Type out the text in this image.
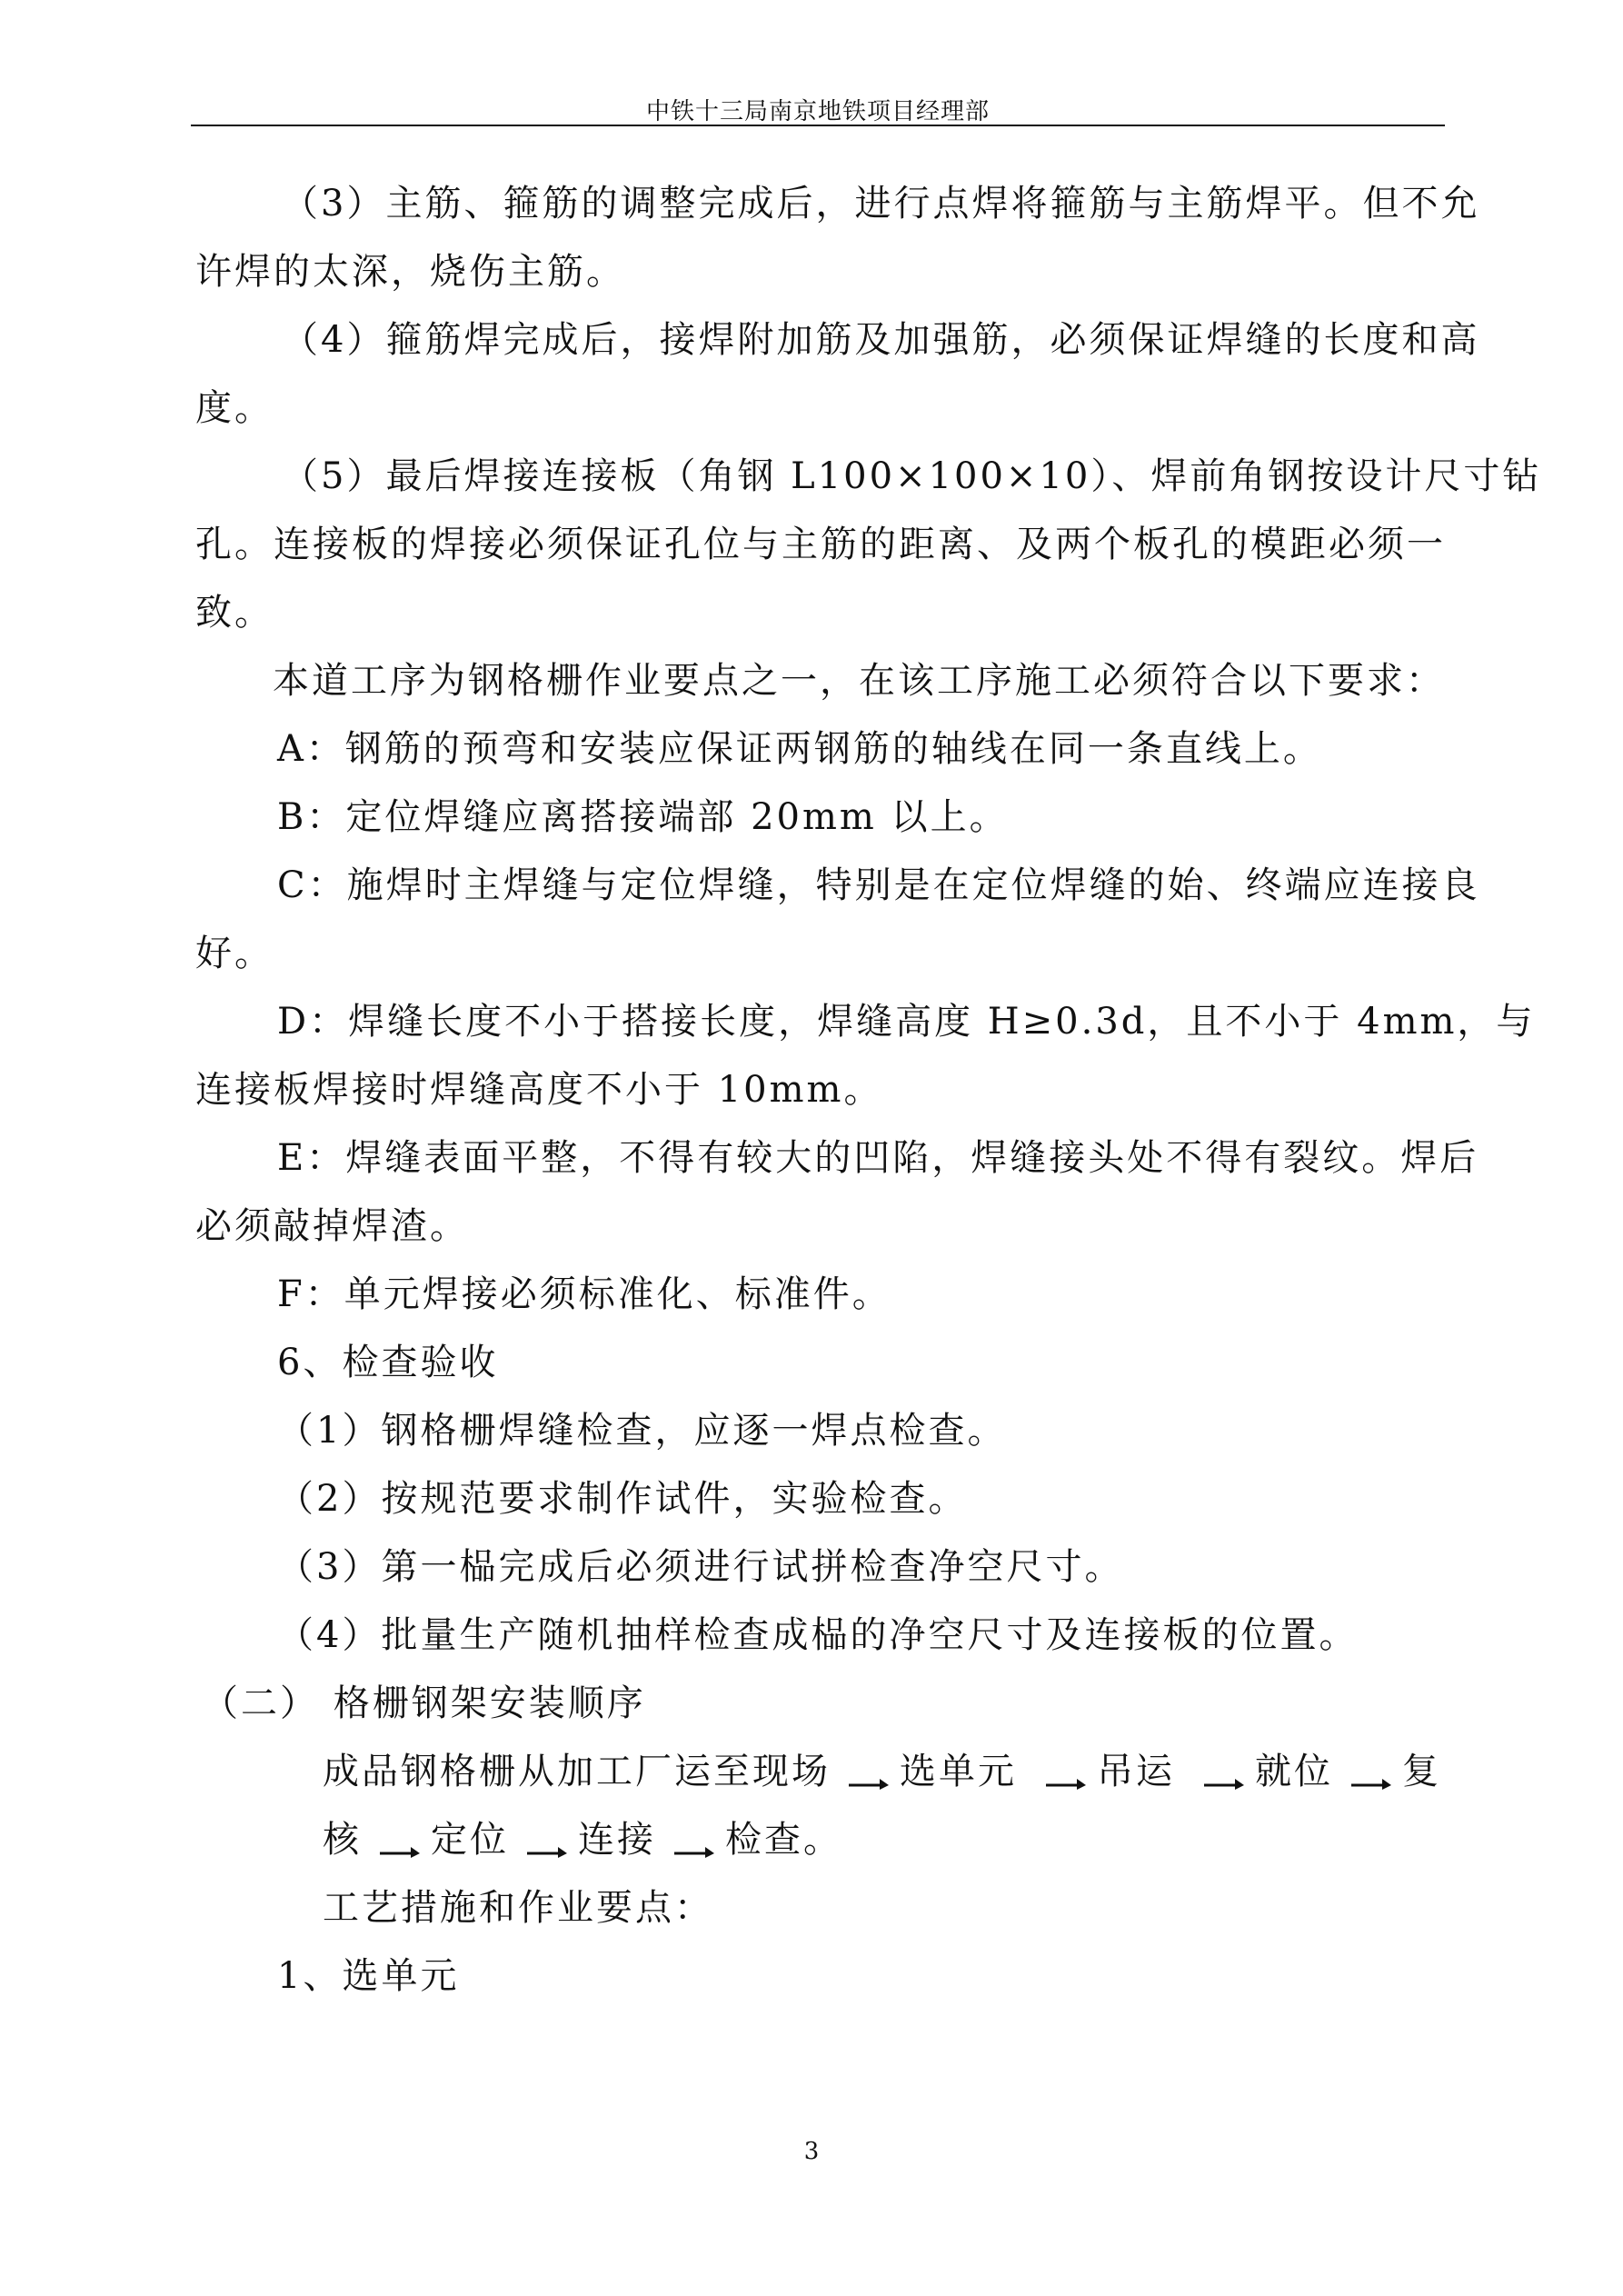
中铁十三局南京地铁项目经理部
（3）主筋、箍筋的调整完成后，进行点焊将箍筋与主筋焊平。但不允
许焊的太深，烧伤主筋。
（4）箍筋焊完成后，接焊附加筋及加强筋，必须保证焊缝的长度和高
度。
（5）最后焊接连接板（角钢 L100×100×10）、焊前角钢按设计尺寸钻
孔。连接板的焊接必须保证孔位与主筋的距离、及两个板孔的模距必须一
致。
本道工序为钢格栅作业要点之一，在该工序施工必须符合以下要求：
A：钢筋的预弯和安装应保证两钢筋的轴线在同一条直线上。
B：定位焊缝应离搭接端部 20mm 以上。
C：施焊时主焊缝与定位焊缝，特别是在定位焊缝的始、终端应连接良
好。
D：焊缝长度不小于搭接长度，焊缝高度 H≥0.3d，且不小于 4mm，与
连接板焊接时焊缝高度不小于 10mm。
E：焊缝表面平整，不得有较大的凹陷，焊缝接头处不得有裂纹。焊后
必须敲掉焊渣。
F：单元焊接必须标准化、标准件。
6、检查验收
（1）钢格栅焊缝检查，应逐一焊点检查。
（2）按规范要求制作试件，实验检查。
（3）第一榀完成后必须进行试拼检查净空尺寸。
（4）批量生产随机抽样检查成榀的净空尺寸及连接板的位置。
（二） 格栅钢架安装顺序
成品钢格栅从加工厂运至现场 选单元 吊运 就位 复
核 定位 连接 检查。
工艺措施和作业要点：
1、选单元
3
